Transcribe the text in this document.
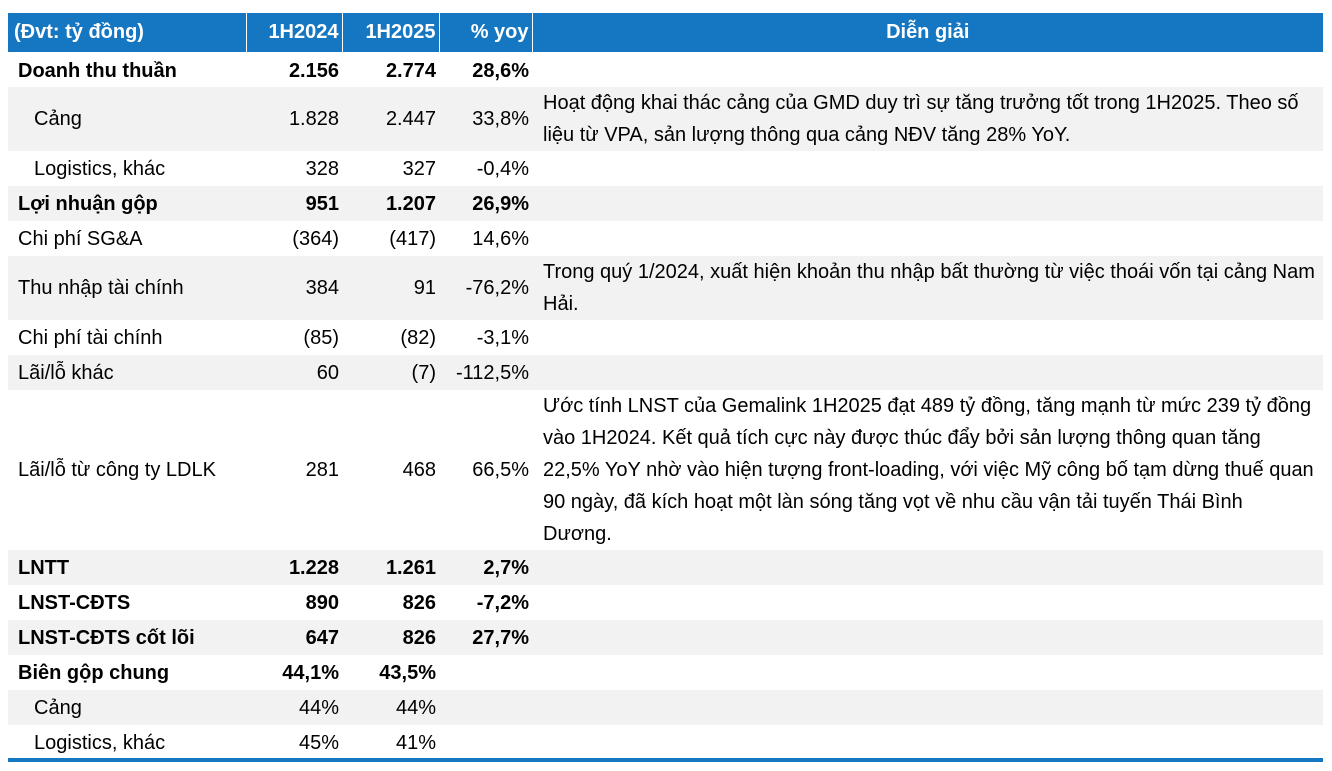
(Đvt: tỷ đồng)	1H2024	1H2025	% yoy	Diễn giải
Doanh thu thuần	2.156	2.774	28,6%	
Cảng	1.828	2.447	33,8%	Hoạt động khai thác cảng của GMD duy trì sự tăng trưởng tốt trong 1H2025. Theo số liệu từ VPA, sản lượng thông qua cảng NĐV tăng 28% YoY.
Logistics, khác	328	327	-0,4%	
Lợi nhuận gộp	951	1.207	26,9%	
Chi phí SG&A	(364)	(417)	14,6%	
Thu nhập tài chính	384	91	-76,2%	Trong quý 1/2024, xuất hiện khoản thu nhập bất thường từ việc thoái vốn tại cảng Nam Hải.
Chi phí tài chính	(85)	(82)	-3,1%	
Lãi/lỗ khác	60	(7)	-112,5%	
Lãi/lỗ từ công ty LDLK	281	468	66,5%	Ước tính LNST của Gemalink 1H2025 đạt 489 tỷ đồng, tăng mạnh từ mức 239 tỷ đồng vào 1H2024. Kết quả tích cực này được thúc đẩy bởi sản lượng thông quan tăng 22,5% YoY nhờ vào hiện tượng front-loading, với việc Mỹ công bố tạm dừng thuế quan 90 ngày, đã kích hoạt một làn sóng tăng vọt về nhu cầu vận tải tuyến Thái Bình Dương.
LNTT	1.228	1.261	2,7%	
LNST-CĐTS	890	826	-7,2%	
LNST-CĐTS cốt lõi	647	826	27,7%	
Biên gộp chung	44,1%	43,5%		
Cảng	44%	44%		
Logistics, khác	45%	41%		
